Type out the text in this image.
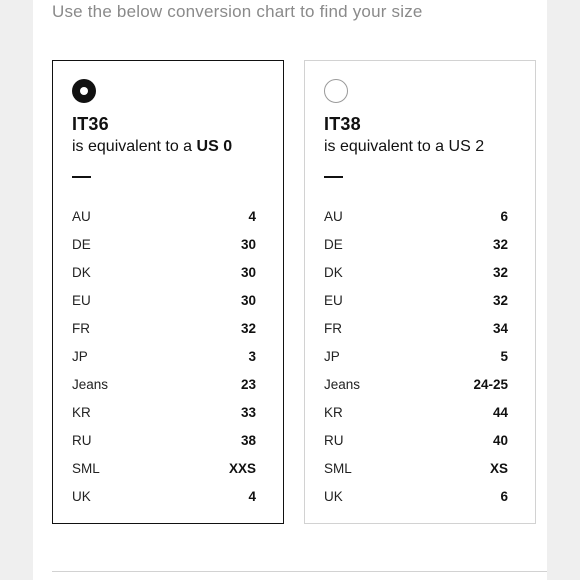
Use the below conversion chart to find your size
IT36
is equivalent to a US 0
AU	4
DE	30
DK	30
EU	30
FR	32
JP	3
Jeans	23
KR	33
RU	38
SML	XXS
UK	4
IT38
is equivalent to a US 2
AU	6
DE	32
DK	32
EU	32
FR	34
JP	5
Jeans	24-25
KR	44
RU	40
SML	XS
UK	6
